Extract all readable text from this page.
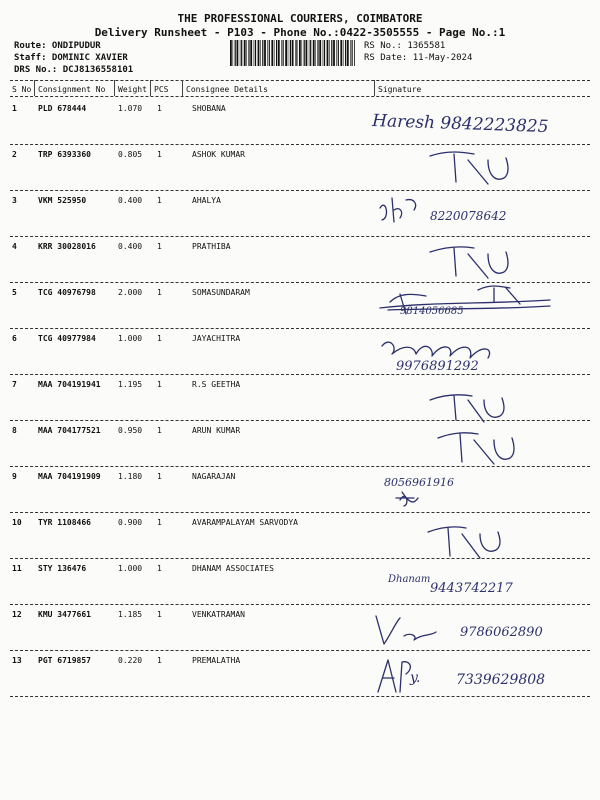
THE PROFESSIONAL COURIERS, COIMBATORE
Delivery Runsheet - P103 - Phone No.:0422-3505555 - Page No.:1
Route: ONDIPUDUR
Staff: DOMINIC XAVIER
DRS No.: DCJ8136558101
RS No.: 1365581
RS Date: 11-May-2024
S No Consignment No Weight PCS Consignee Details	Signature
1	PLD 678444	1.070 1	SHOBANA
Haresh 9842223825
2	TRP 6393360	0.805 1	ASHOK KUMAR
3	VKM 525950	0.400 1	AHALYA
8220078642
4	KRR 30028016	0.400 1	PRATHIBA
5	TCG 40976798	2.000 1	SOMASUNDARAM
9814056685
6	TCG 40977984	1.000 1	JAYACHITRA
9976891292
7	MAA 704191941 1.195 1	R.S GEETHA
8	MAA 704177521 0.950 1	ARUN KUMAR
9	MAA 704191909 1.180 1	NAGARAJAN	8056961916
10 TYR 1108466	0.900 1	AVARAMPALAYAM SARVODYA
11 STY 136476	1.000 1	DHANAM ASSOCIATES
Dhanam
9443742217
12 KMU 3477661	1.185 1	VENKATRAMAN
9786062890
13 PGT 6719857	0.220 1	PREMALATHA
y.	7339629808
